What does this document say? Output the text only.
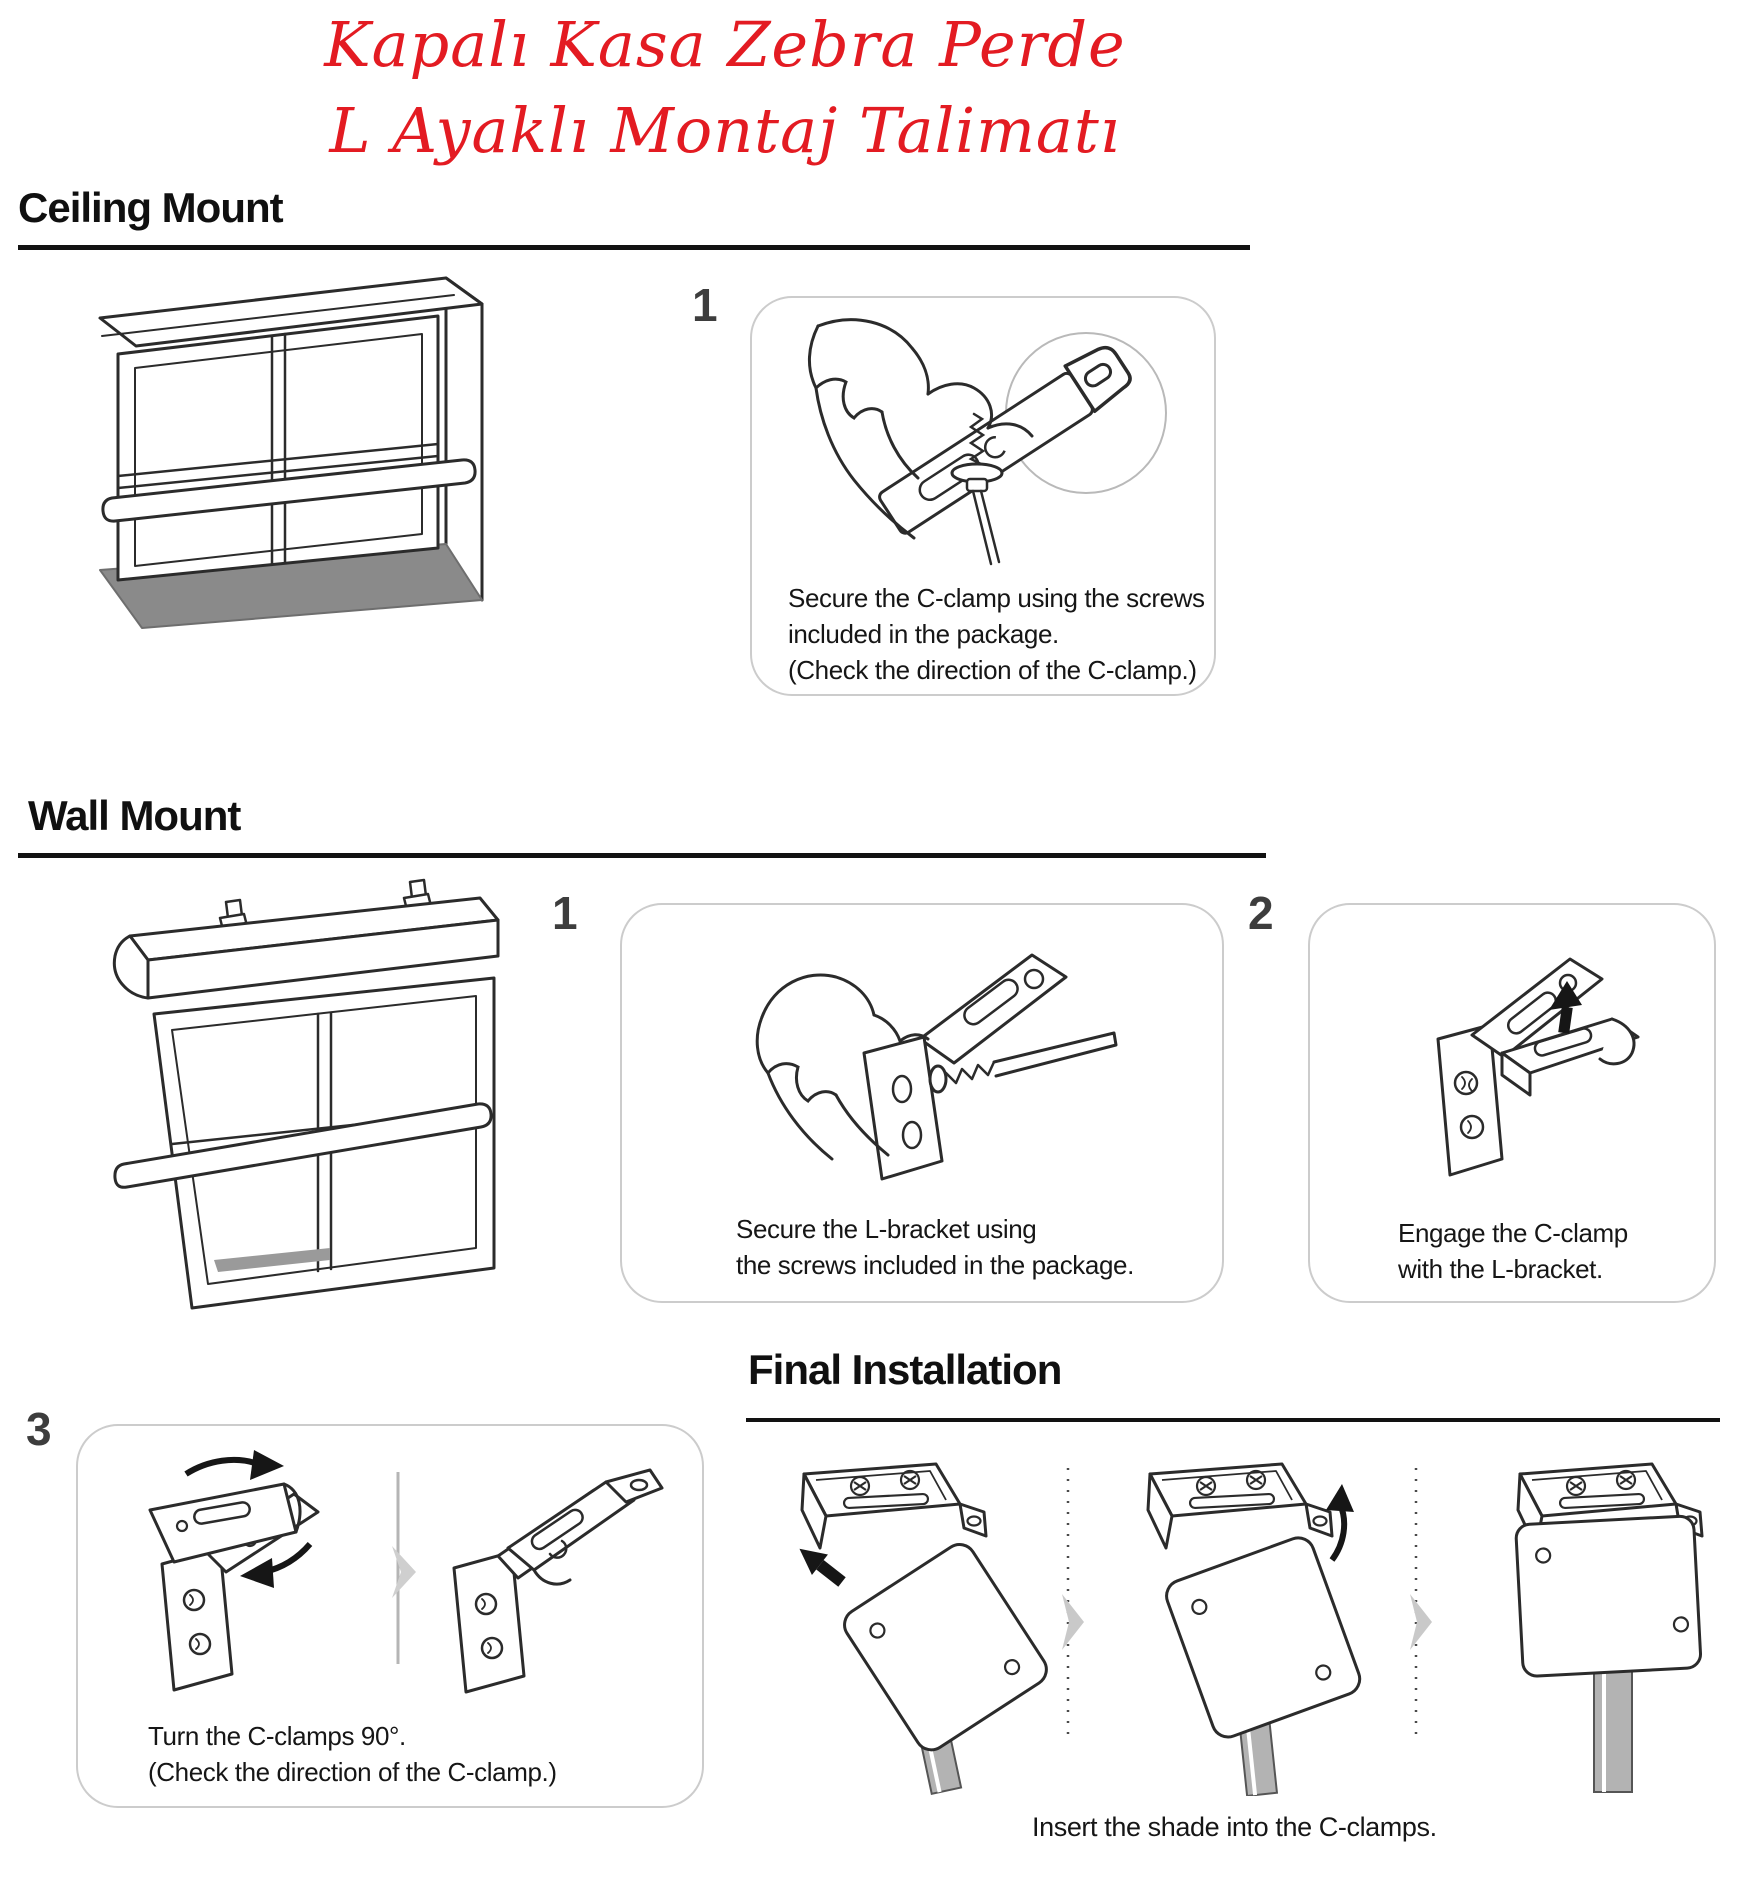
Kapalı Kasa Zebra Perde
L Ayaklı Montaj Talimatı
Ceiling Mount
1
Secure the C-clamp using the screws
included in the package.
(Check the direction of the C-clamp.)
Wall Mount
1
Secure the L-bracket using
the screws included in the package.
2
Engage the C-clamp
with the L-bracket.
Final Installation
3
Turn the C-clamps 90°.
(Check the direction of the C-clamp.)
Insert the shade into the C-clamps.
